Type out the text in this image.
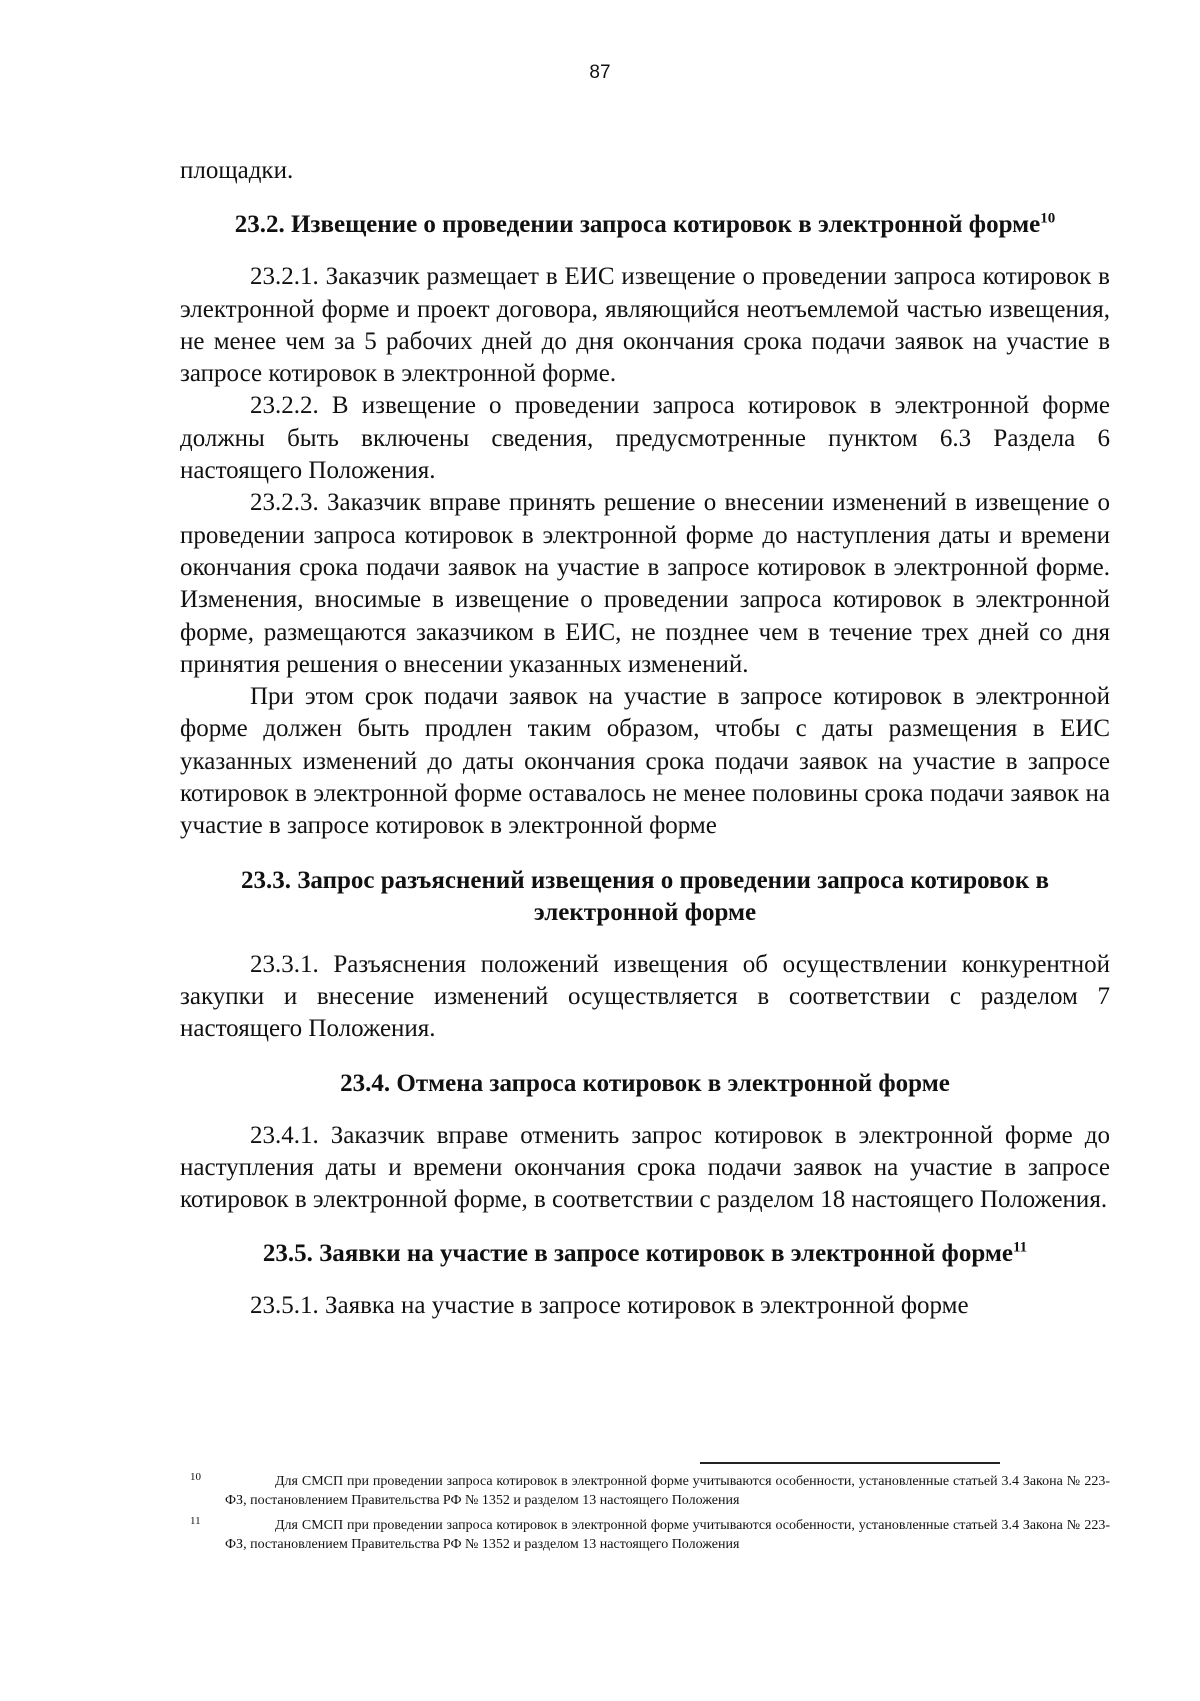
87

площадки.

23.2. Извещение о проведении запроса котировок в электронной форме$^{10}$

23.2.1. Заказчик размещает в ЕИС извещение о проведении запроса котировок в электронной форме и проект договора, являющийся неотъемлемой частью извещения, не менее чем за 5 рабочих дней до дня окончания срока подачи заявок на участие в запросе котировок в электронной форме.

23.2.2. В извещение о проведении запроса котировок в электронной форме должны быть включены сведения, предусмотренные пунктом 6.3 Раздела 6 настоящего Положения.

23.2.3. Заказчик вправе принять решение о внесении изменений в извещение о проведении запроса котировок в электронной форме до наступления даты и времени окончания срока подачи заявок на участие в запросе котировок в электронной форме. Изменения, вносимые в извещение о проведении запроса котировок в электронной форме, размещаются заказчиком в ЕИС, не позднее чем в течение трех дней со дня принятия решения о внесении указанных изменений.

При этом срок подачи заявок на участие в запросе котировок в электронной форме должен быть продлен таким образом, чтобы с даты размещения в ЕИС указанных изменений до даты окончания срока подачи заявок на участие в запросе котировок в электронной форме оставалось не менее половины срока подачи заявок на участие в запросе котировок в электронной форме

23.3. Запрос разъяснений извещения о проведении запроса котировок в электронной форме

23.3.1. Разъяснения положений извещения об осуществлении конкурентной закупки и внесение изменений осуществляется в соответствии с разделом 7 настоящего Положения.

23.4. Отмена запроса котировок в электронной форме

23.4.1. Заказчик вправе отменить запрос котировок в электронной форме до наступления даты и времени окончания срока подачи заявок на участие в запросе котировок в электронной форме, в соответствии с разделом 18 настоящего Положения.

23.5. Заявки на участие в запросе котировок в электронной форме$^{11}$

23.5.1. Заявка на участие в запросе котировок в электронной форме

10	Для СМСП при проведении запроса котировок в электронной форме учитываются особенности, установленные статьей 3.4 Закона № 223-ФЗ, постановлением Правительства РФ № 1352 и разделом 13 настоящего Положения
11	Для СМСП при проведении запроса котировок в электронной форме учитываются особенности, установленные статьей 3.4 Закона № 223-ФЗ, постановлением Правительства РФ № 1352 и разделом 13 настоящего Положения
